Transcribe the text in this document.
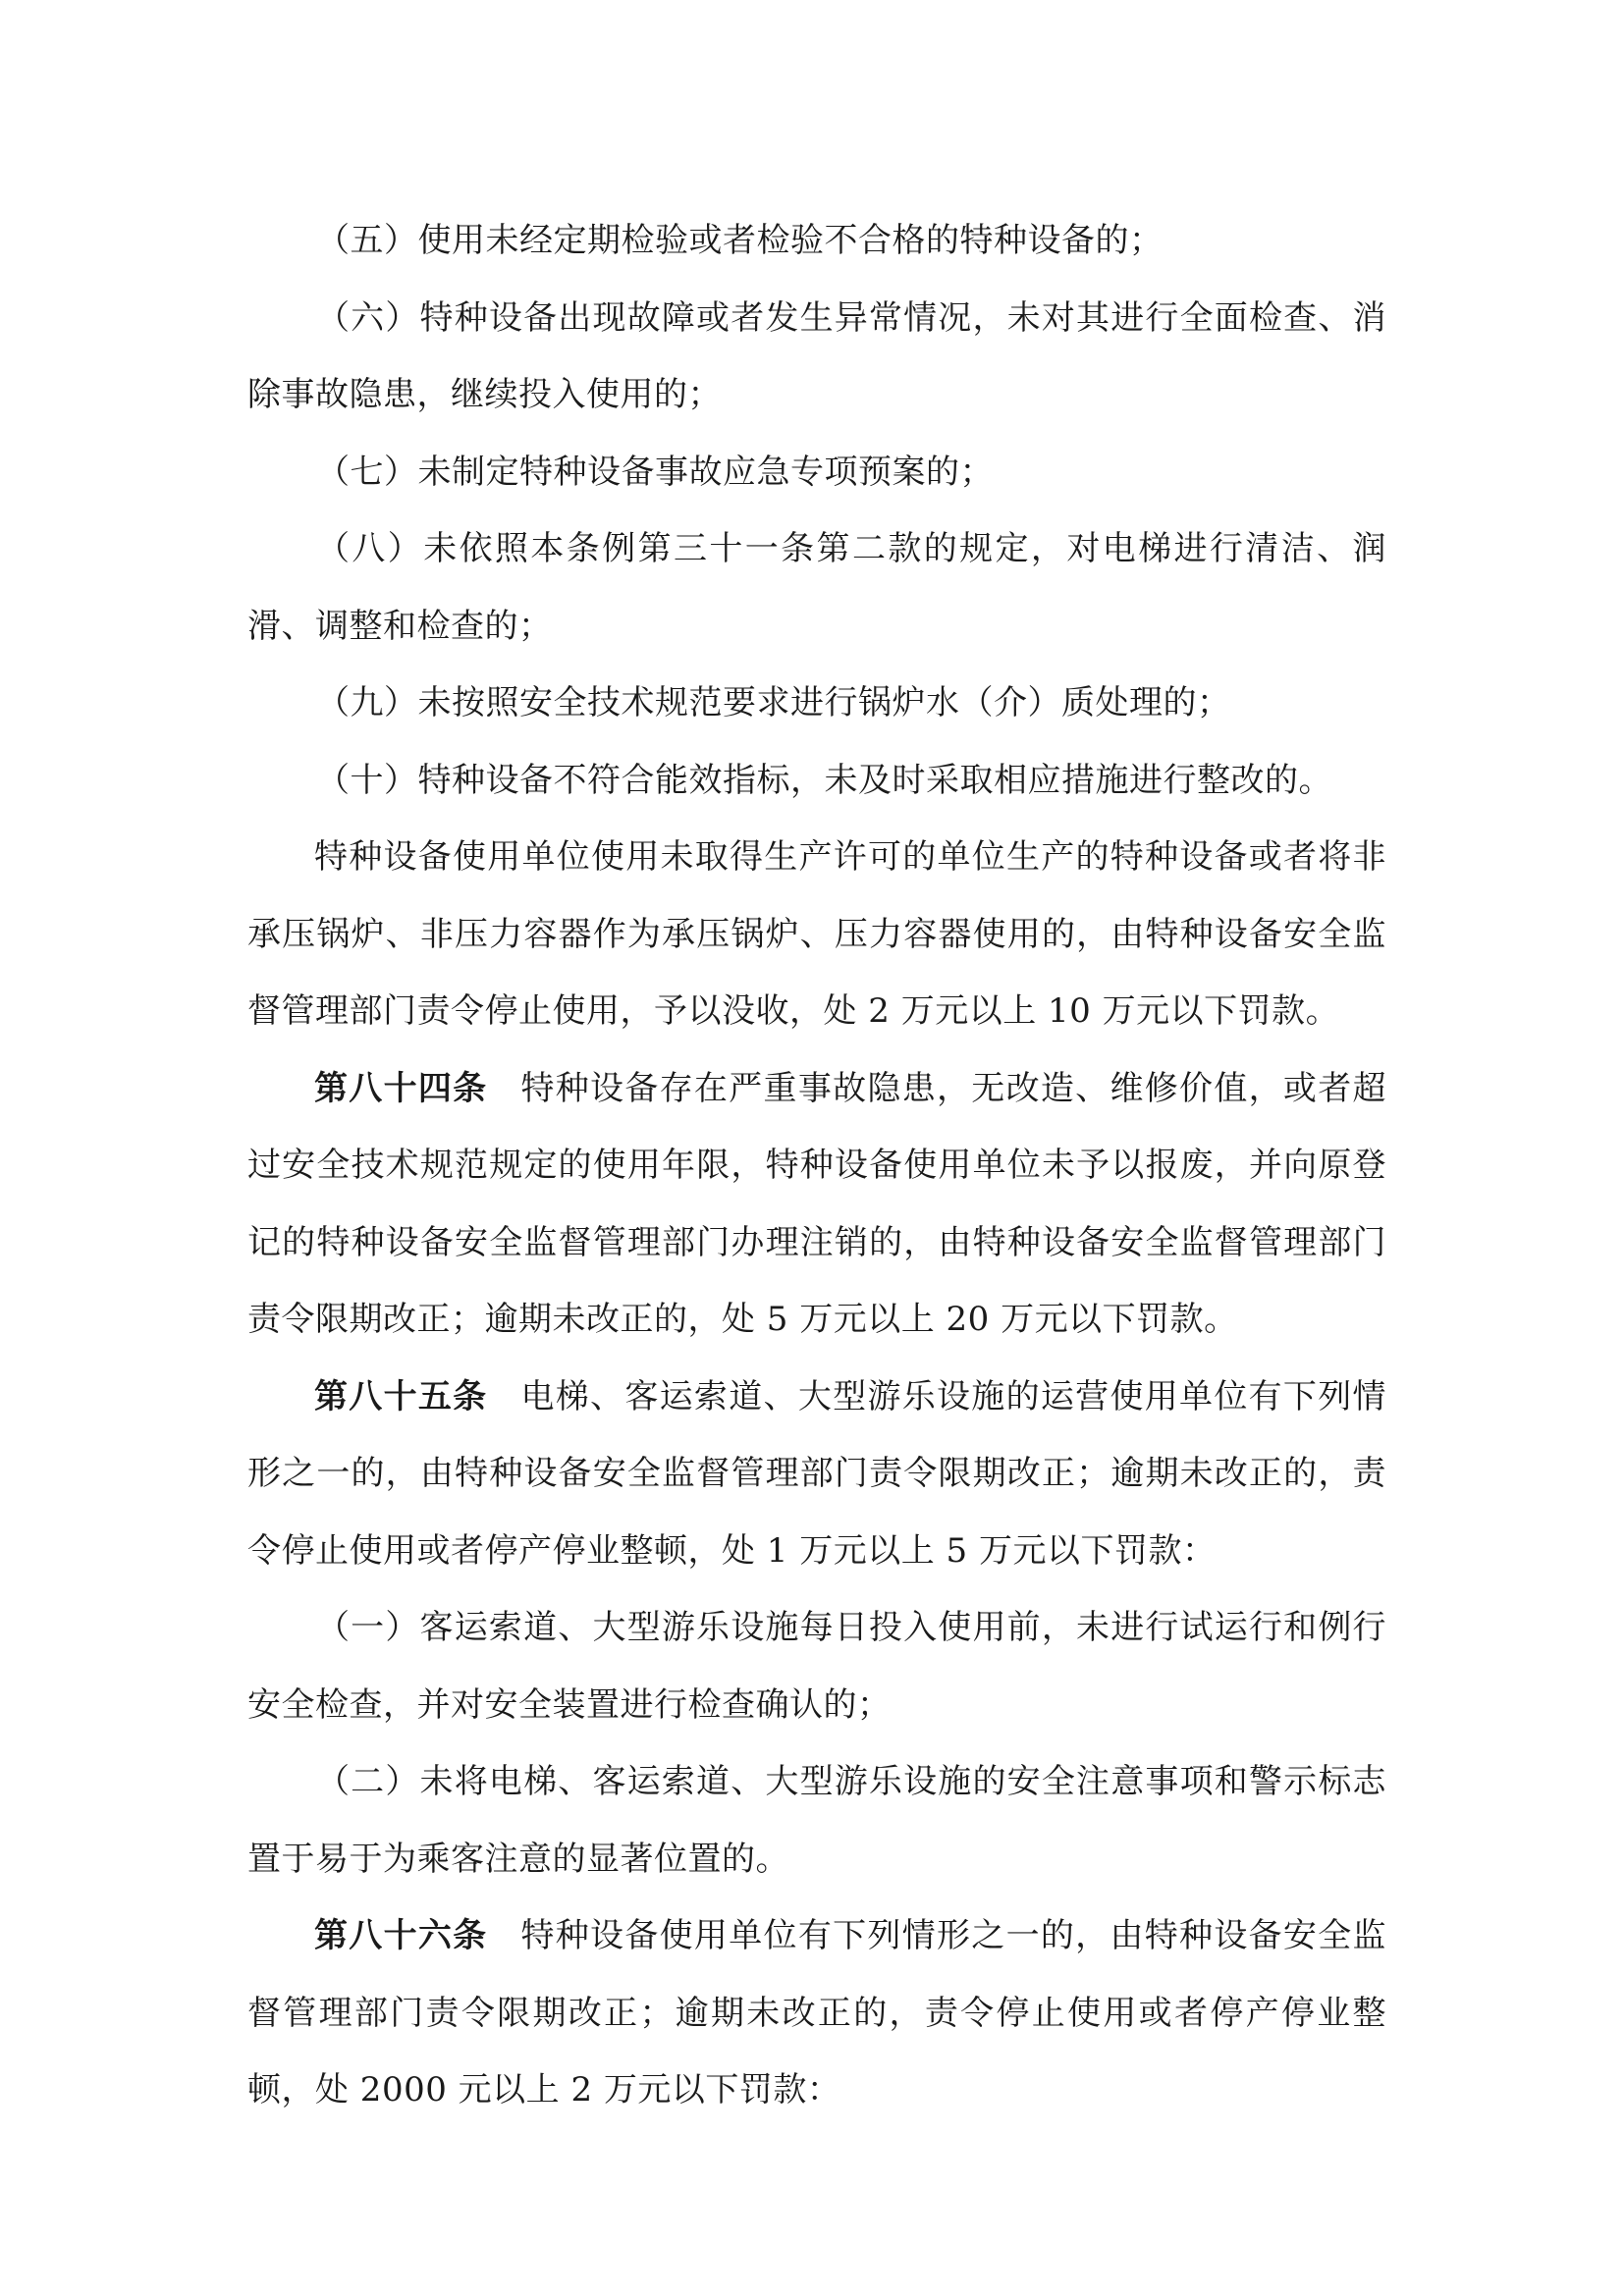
（五）使用未经定期检验或者检验不合格的特种设备的；

（六）特种设备出现故障或者发生异常情况，未对其进行全面检查、消除事故隐患，继续投入使用的；

（七）未制定特种设备事故应急专项预案的；

（八）未依照本条例第三十一条第二款的规定，对电梯进行清洁、润滑、调整和检查的；

（九）未按照安全技术规范要求进行锅炉水（介）质处理的；

（十）特种设备不符合能效指标，未及时采取相应措施进行整改的。

特种设备使用单位使用未取得生产许可的单位生产的特种设备或者将非承压锅炉、非压力容器作为承压锅炉、压力容器使用的，由特种设备安全监督管理部门责令停止使用，予以没收，处 2 万元以上 10 万元以下罚款。

第八十四条 特种设备存在严重事故隐患，无改造、维修价值，或者超过安全技术规范规定的使用年限，特种设备使用单位未予以报废，并向原登记的特种设备安全监督管理部门办理注销的，由特种设备安全监督管理部门责令限期改正；逾期未改正的，处 5 万元以上 20 万元以下罚款。

第八十五条 电梯、客运索道、大型游乐设施的运营使用单位有下列情形之一的，由特种设备安全监督管理部门责令限期改正；逾期未改正的，责令停止使用或者停产停业整顿，处 1 万元以上 5 万元以下罚款：

（一）客运索道、大型游乐设施每日投入使用前，未进行试运行和例行安全检查，并对安全装置进行检查确认的；

（二）未将电梯、客运索道、大型游乐设施的安全注意事项和警示标志置于易于为乘客注意的显著位置的。

第八十六条 特种设备使用单位有下列情形之一的，由特种设备安全监督管理部门责令限期改正；逾期未改正的，责令停止使用或者停产停业整顿，处 2000 元以上 2 万元以下罚款：
